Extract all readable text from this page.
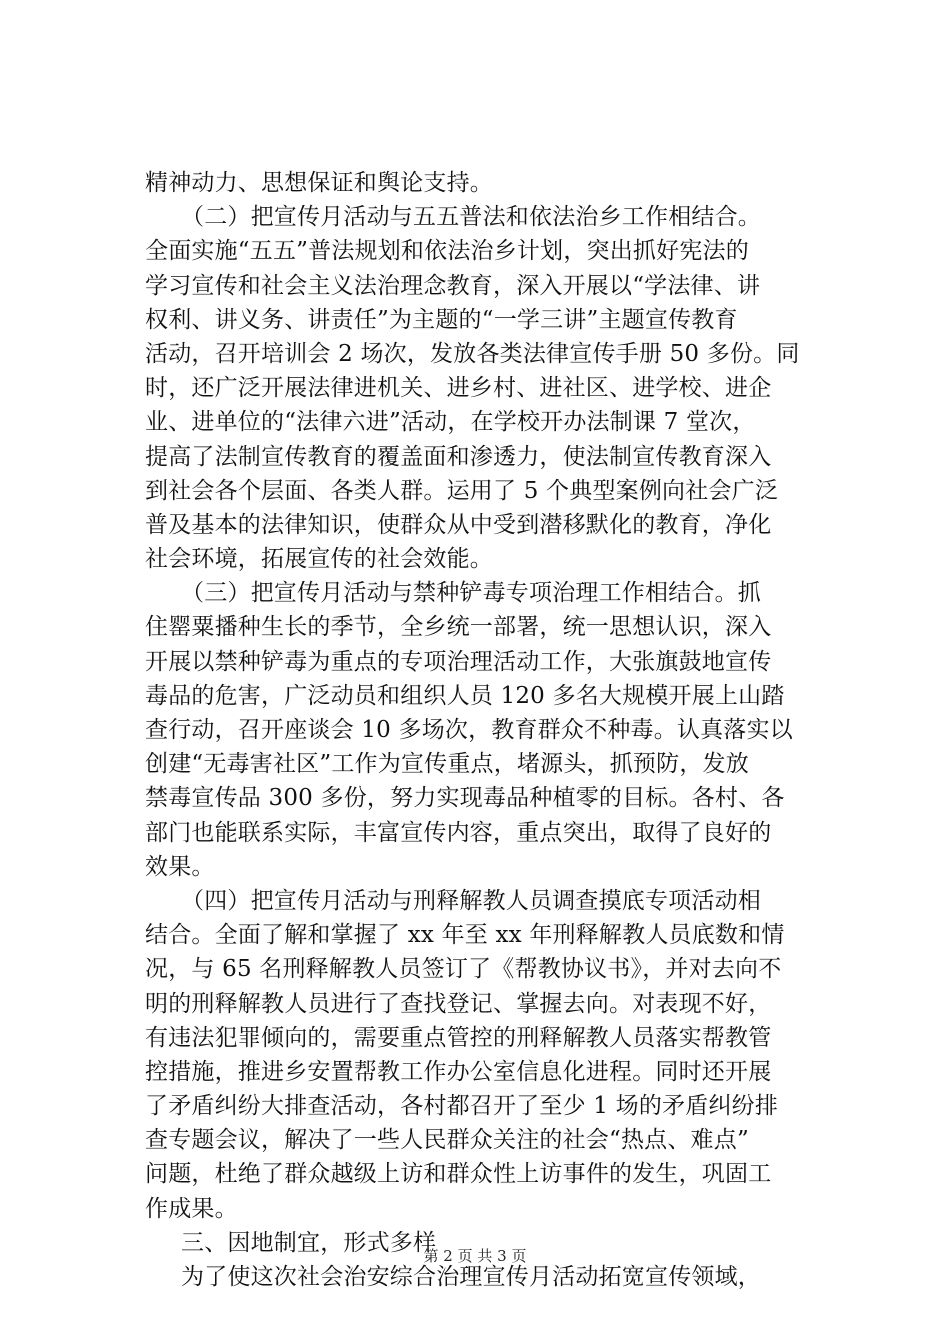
精神动力、思想保证和舆论支持。
（二）把宣传月活动与五五普法和依法治乡工作相结合。
全面实施“五五”普法规划和依法治乡计划，突出抓好宪法的
学习宣传和社会主义法治理念教育，深入开展以“学法律、讲
权利、讲义务、讲责任”为主题的“一学三讲”主题宣传教育
活动，召开培训会 2 场次，发放各类法律宣传手册 50 多份。同
时，还广泛开展法律进机关、进乡村、进社区、进学校、进企
业、进单位的“法律六进”活动，在学校开办法制课 7 堂次，
提高了法制宣传教育的覆盖面和渗透力，使法制宣传教育深入
到社会各个层面、各类人群。运用了 5 个典型案例向社会广泛
普及基本的法律知识，使群众从中受到潜移默化的教育，净化
社会环境，拓展宣传的社会效能。
（三）把宣传月活动与禁种铲毒专项治理工作相结合。抓
住罂粟播种生长的季节，全乡统一部署，统一思想认识，深入
开展以禁种铲毒为重点的专项治理活动工作，大张旗鼓地宣传
毒品的危害，广泛动员和组织人员 120 多名大规模开展上山踏
查行动，召开座谈会 10 多场次，教育群众不种毒。认真落实以
创建“无毒害社区”工作为宣传重点，堵源头，抓预防，发放
禁毒宣传品 300 多份，努力实现毒品种植零的目标。各村、各
部门也能联系实际，丰富宣传内容，重点突出，取得了良好的
效果。
（四）把宣传月活动与刑释解教人员调查摸底专项活动相
结合。全面了解和掌握了 xx 年至 xx 年刑释解教人员底数和情
况，与 65 名刑释解教人员签订了《帮教协议书》，并对去向不
明的刑释解教人员进行了查找登记、掌握去向。对表现不好，
有违法犯罪倾向的，需要重点管控的刑释解教人员落实帮教管
控措施，推进乡安置帮教工作办公室信息化进程。同时还开展
了矛盾纠纷大排查活动，各村都召开了至少 1 场的矛盾纠纷排
查专题会议，解决了一些人民群众关注的社会“热点、难点”
问题，杜绝了群众越级上访和群众性上访事件的发生，巩固工
作成果。
三、因地制宜，形式多样
为了使这次社会治安综合治理宣传月活动拓宽宣传领域，
第 2 页 共 3 页
